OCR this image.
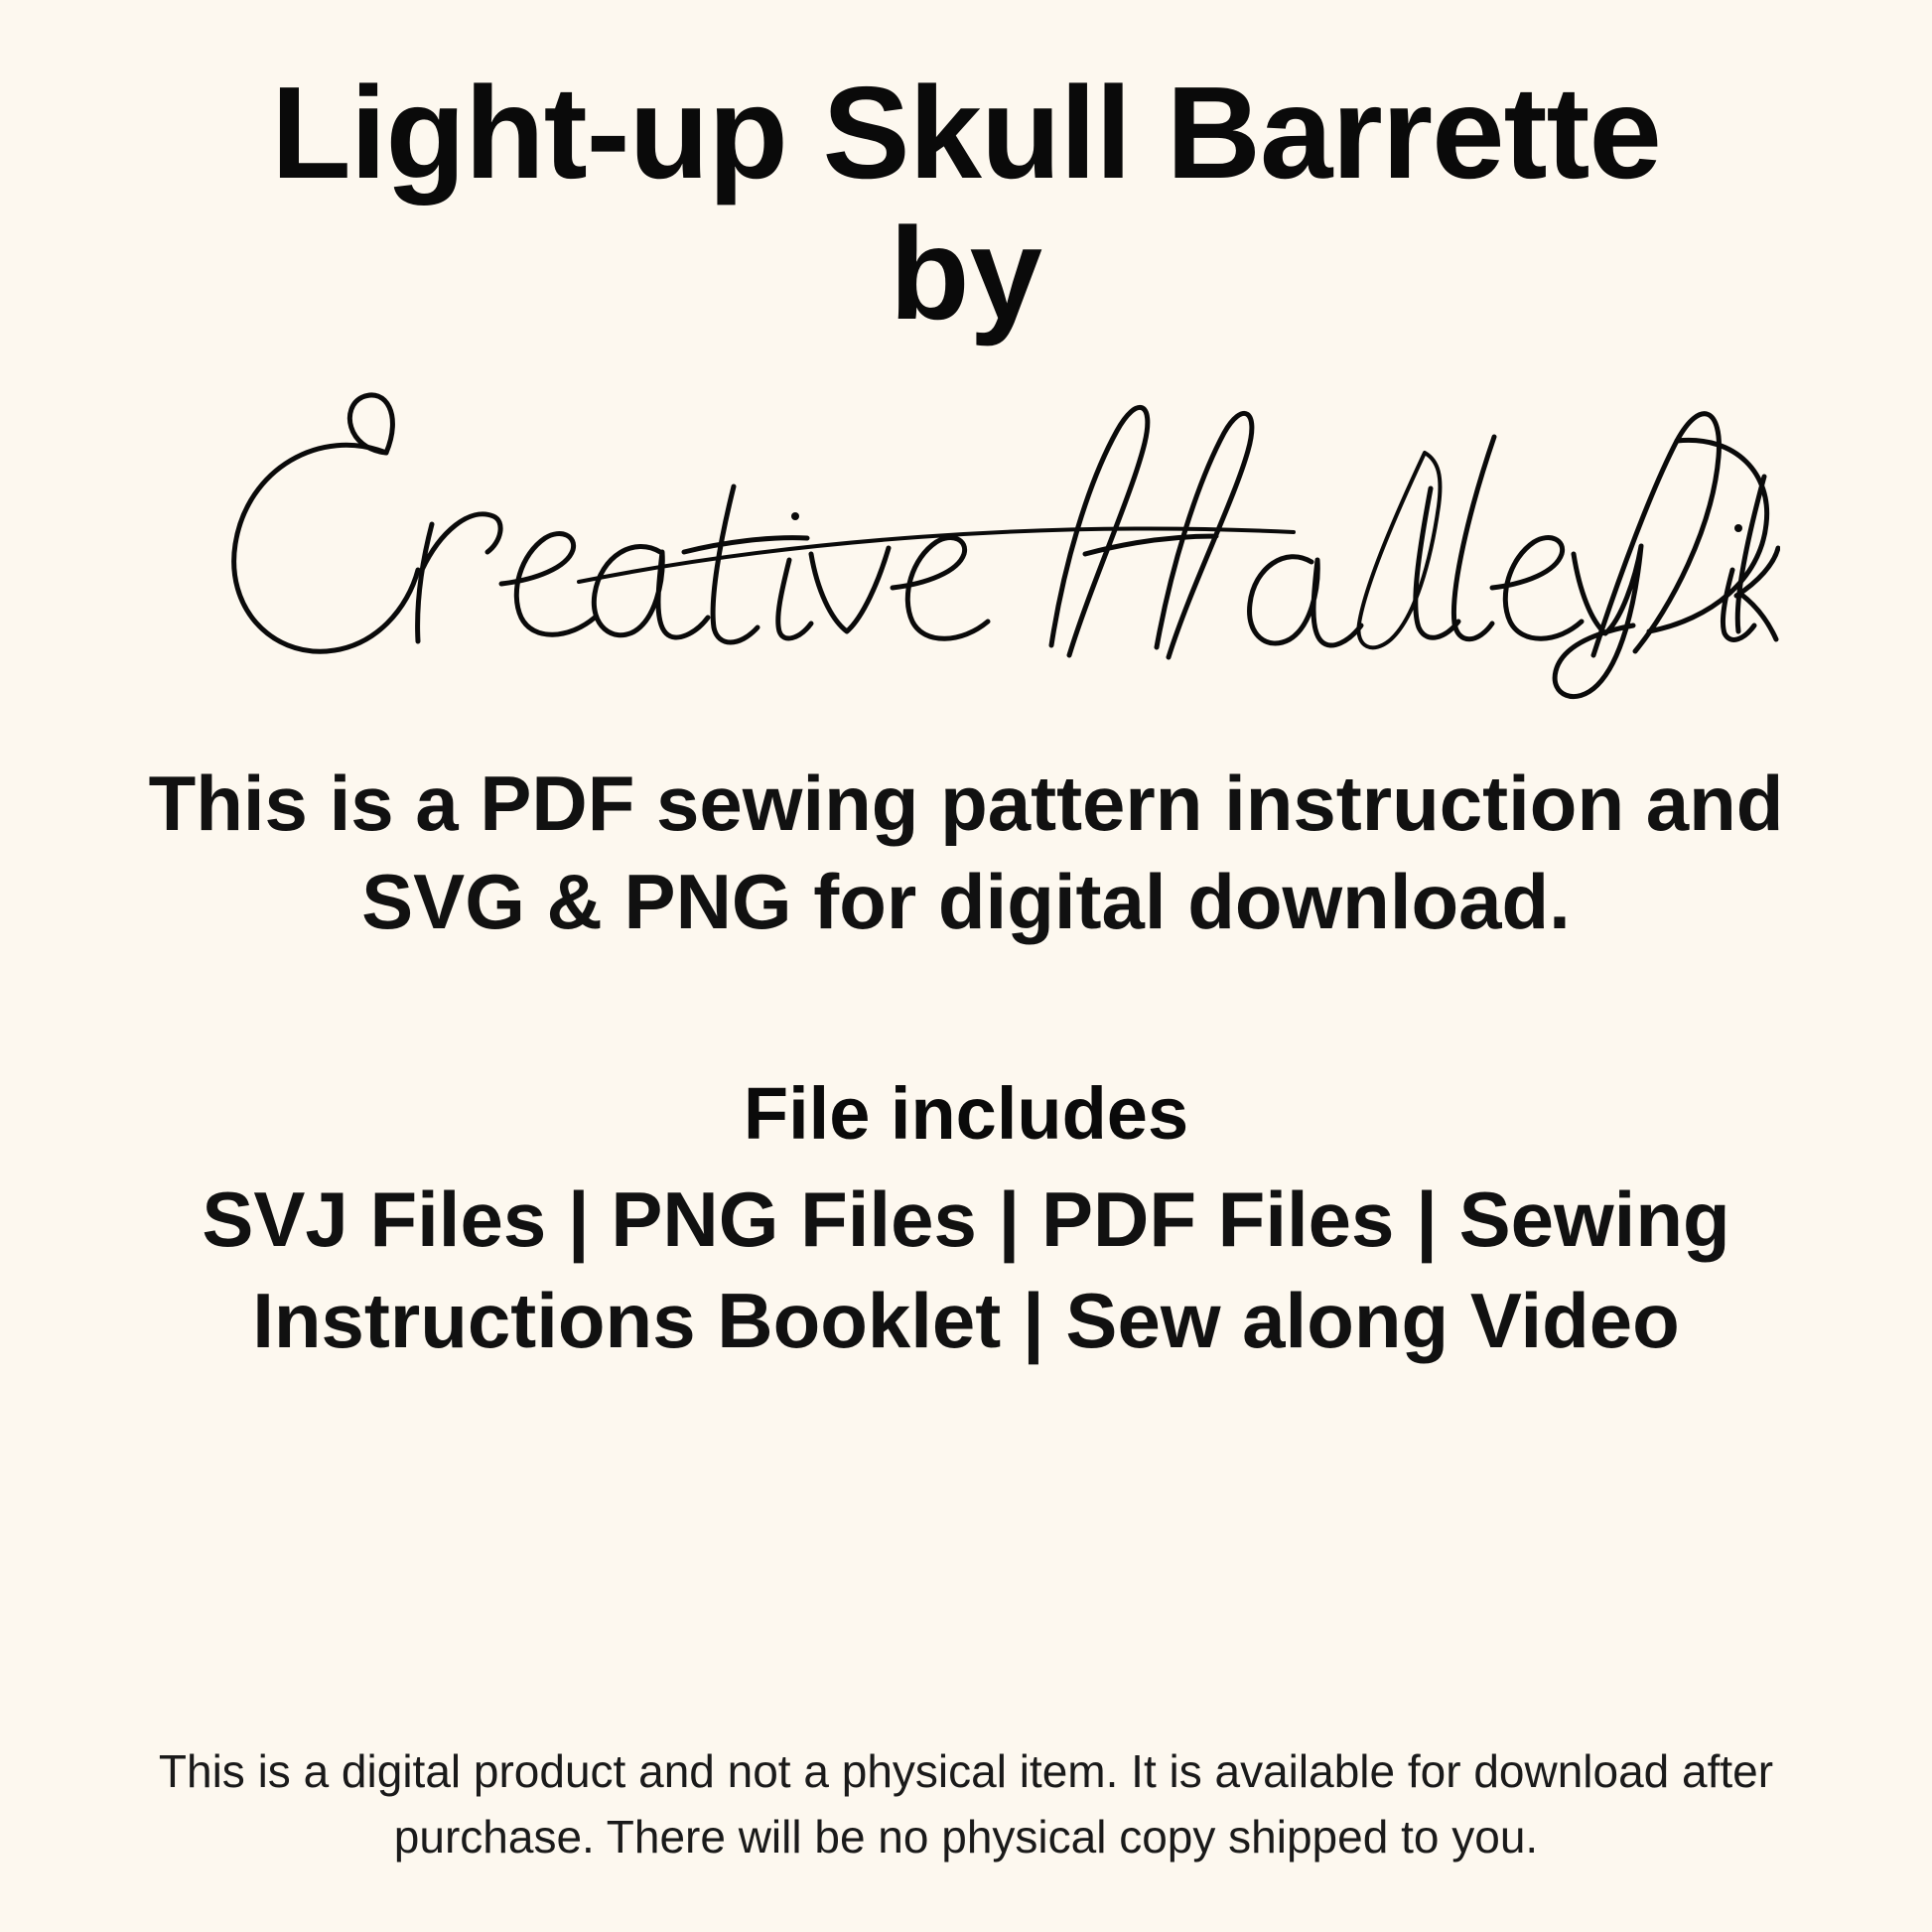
Light-up Skull Barrette
by
This is a PDF sewing pattern instruction and
SVG & PNG for digital download.
File includes
SVJ Files | PNG Files | PDF Files | Sewing Instructions Booklet | Sew along Video
This is a digital product and not a physical item. It is available for download after purchase. There will be no physical copy shipped to you.
